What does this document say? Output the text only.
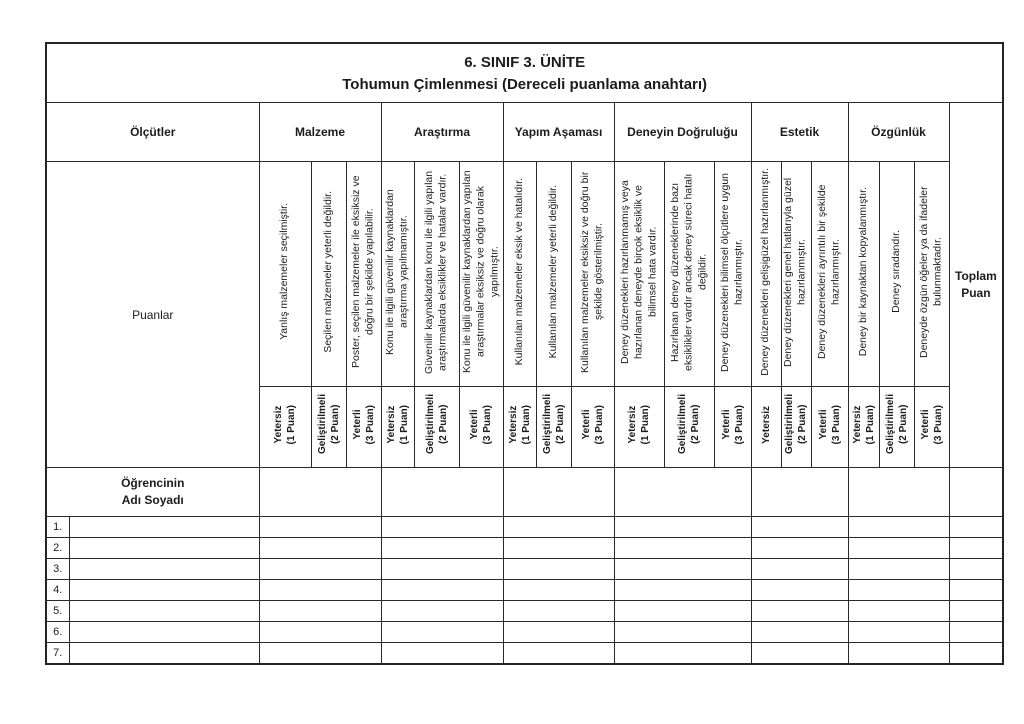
6. SINIF 3. ÜNİTE
Tohumun Çimlenmesi (Dereceli puanlama anahtarı)																				

Ölçütler		Malzeme			Araştırma			Yapım Aşaması			Deneyin Doğruluğu			Estetik			Özgünlük			Toplam
Puan

Puanlar		Yanlış malzemeler seçilmiştir.	Seçilen malzemeler yeterli değildir.	Poster, seçilen malzemeler ile eksiksiz ve doğru bir şekilde yapılabilir.	Konu ile ilgili güvenilir kaynaklardan araştırma yapılmamıştır.	Güvenilir kaynaklardan konu ile ilgili yapılan araştırmalarda eksiklikler ve hatalar vardır.	Konu ile ilgili güvenilir kaynaklardan yapılan araştırmalar eksiksiz ve doğru olarak yapılmıştır.	Kullanılan malzemeler eksik ve hatalıdır.	Kullanılan malzemeler yeterli değildir.	Kullanılan malzemeler eksiksiz ve doğru bir şekilde gösterilmiştir.	Deney düzenekleri hazırlanmamış veya hazırlanan deneyde birçok eksiklik ve bilimsel hata vardır.	Hazırlanan deney düzeneklerinde bazı eksiklikler vardır ancak deney süreci hatalı değildir.	Deney düzenekleri bilimsel ölçütlere uygun hazırlanmıştır.	Deney düzenekleri gelişigüzel hazırlanmıştır.	Deney düzenekleri genel hatlarıyla güzel hazırlanmıştır.	Deney düzenekleri ayrıntılı bir şekilde hazırlanmıştır.	Deney bir kaynaktan kopyalanmıştır.	Deney sıradandır.	Deneyde özgün öğeler ya da ifadeler bulunmaktadır.	

		Yetersiz (1 Puan)	Geliştirilmeli (2 Puan)	Yeterli (3 Puan)	Yetersiz (1 Puan)	Geliştirilmeli (2 Puan)	Yeterli (3 Puan)	Yetersiz (1 Puan)	Geliştirilmeli (2 Puan)	Yeterli (3 Puan)	Yetersiz (1 Puan)	Geliştirilmeli (2 Puan)	Yeterli (3 Puan)	Yetersiz	Geliştirilmeli (2 Puan)	Yeterli (3 Puan)	Yetersiz (1 Puan)	Geliştirilmeli (2 Puan)	Yeterli (3 Puan)	

Öğrencinin
Adı Soyadı																				

1.																				
2.																				
3.																				
4.																				
5.																				
6.																				
7.																				
